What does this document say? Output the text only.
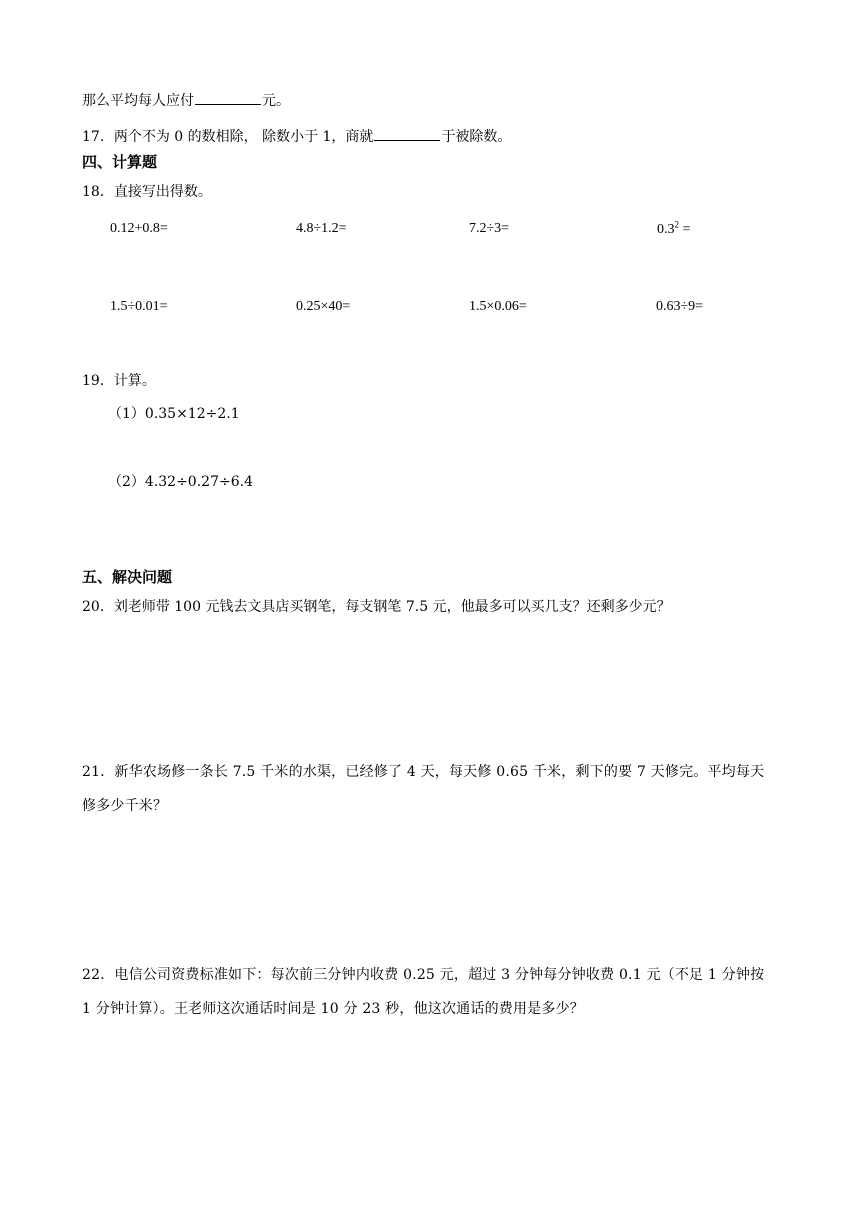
那么平均每人应付	元。
17．两个不为 0 的数相除， 除数小于 1，商就	于被除数。
四、计算题
18．直接写出得数。
0.12+0.8=	4.8÷1.2=	7.2÷3=	$0.3^2$ =
1.5÷0.01=	0.25×40=	1.5×0.06=	0.63÷9=
19．计算。
（1）0.35×12÷2.1
（2）4.32÷0.27÷6.4
五、解决问题
20．刘老师带 100 元钱去文具店买钢笔，每支钢笔 7.5 元，他最多可以买几支？还剩多少元？
21．新华农场修一条长 7.5 千米的水渠，已经修了 4 天，每天修 0.65 千米，剩下的要 7 天修完。平均每天
修多少千米？
22．电信公司资费标准如下：每次前三分钟内收费 0.25 元，超过 3 分钟每分钟收费 0.1 元（不足 1 分钟按
1 分钟计算）。王老师这次通话时间是 10 分 23 秒，他这次通话的费用是多少？
